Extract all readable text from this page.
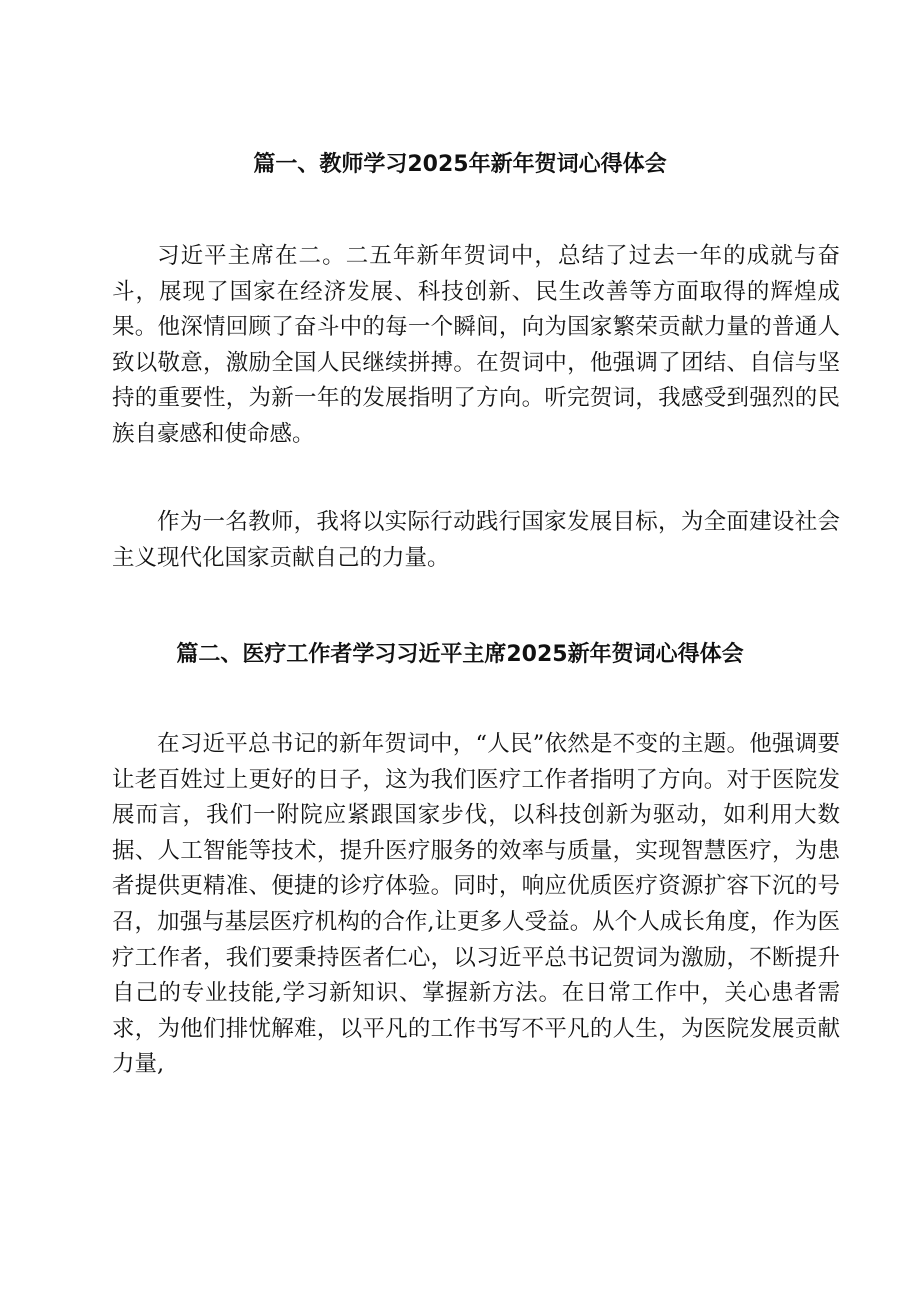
篇一、教师学习2025年新年贺词心得体会

习近平主席在二。二五年新年贺词中，总结了过去一年的成就与奋斗，展现了国家在经济发展、科技创新、民生改善等方面取得的辉煌成果。他深情回顾了奋斗中的每一个瞬间，向为国家繁荣贡献力量的普通人致以敬意，激励全国人民继续拼搏。在贺词中，他强调了团结、自信与坚持的重要性，为新一年的发展指明了方向。听完贺词，我感受到强烈的民族自豪感和使命感。

作为一名教师，我将以实际行动践行国家发展目标，为全面建设社会主义现代化国家贡献自己的力量。

篇二、医疗工作者学习习近平主席2025新年贺词心得体会

在习近平总书记的新年贺词中，“人民”依然是不变的主题。他强调要让老百姓过上更好的日子，这为我们医疗工作者指明了方向。对于医院发展而言，我们一附院应紧跟国家步伐，以科技创新为驱动，如利用大数据、人工智能等技术，提升医疗服务的效率与质量，实现智慧医疗，为患者提供更精准、便捷的诊疗体验。同时，响应优质医疗资源扩容下沉的号召，加强与基层医疗机构的合作,让更多人受益。从个人成长角度，作为医疗工作者，我们要秉持医者仁心，以习近平总书记贺词为激励，不断提升自己的专业技能,学习新知识、掌握新方法。在日常工作中，关心患者需求，为他们排忧解难，以平凡的工作书写不平凡的人生，为医院发展贡献力量,
